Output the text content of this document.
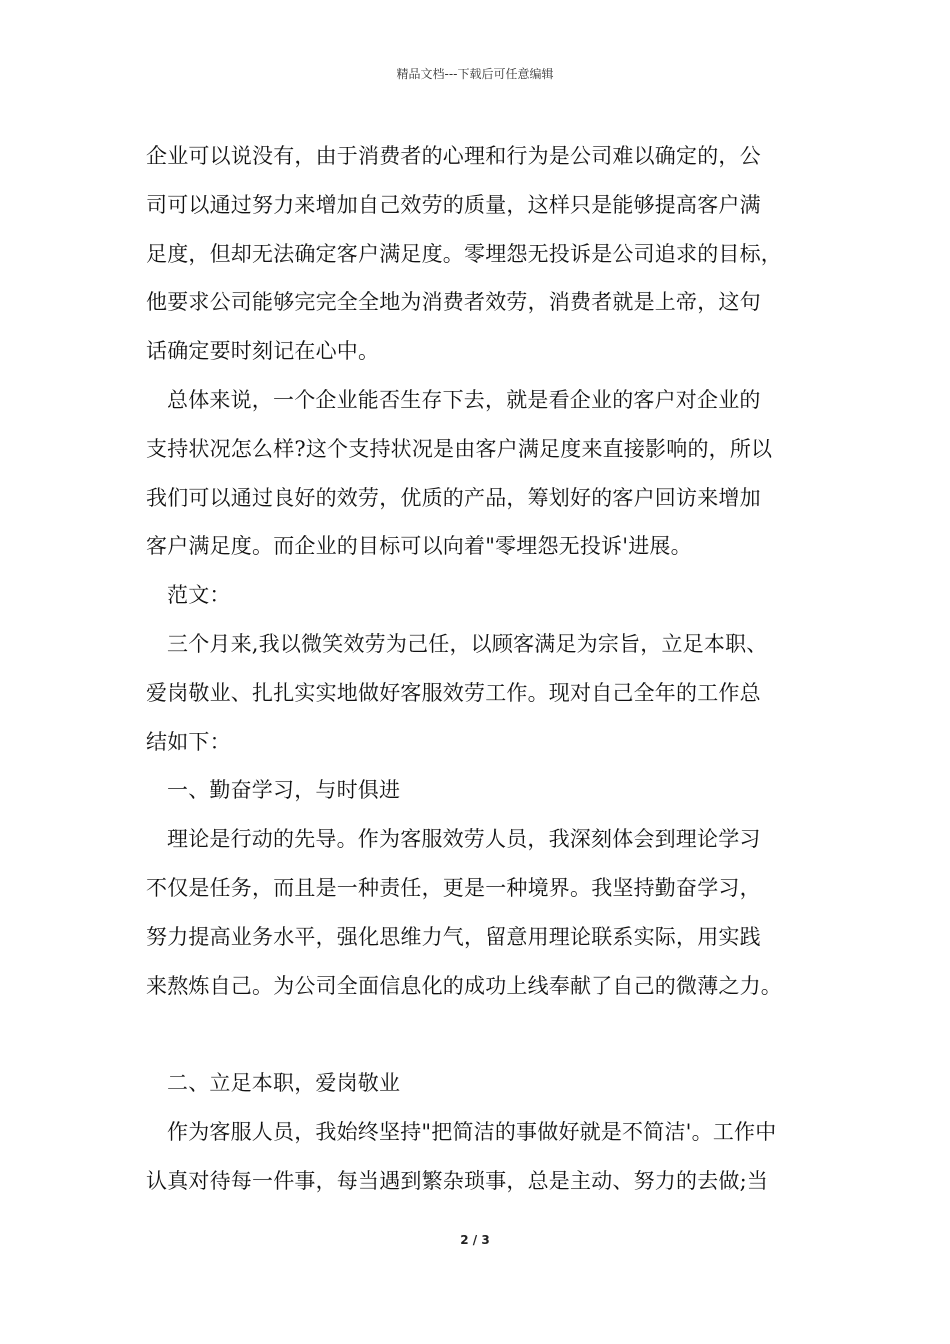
精品文档---下载后可任意编辑
企业可以说没有，由于消费者的心理和行为是公司难以确定的，公
司可以通过努力来增加自己效劳的质量，这样只是能够提高客户满
足度，但却无法确定客户满足度。零埋怨无投诉是公司追求的目标，
他要求公司能够完完全全地为消费者效劳，消费者就是上帝，这句
话确定要时刻记在心中。
总体来说，一个企业能否生存下去，就是看企业的客户对企业的
支持状况怎么样?这个支持状况是由客户满足度来直接影响的，所以
我们可以通过良好的效劳，优质的产品，筹划好的客户回访来增加
客户满足度。而企业的目标可以向着"零埋怨无投诉'进展。
范文：
三个月来,我以微笑效劳为己任，以顾客满足为宗旨，立足本职、
爱岗敬业、扎扎实实地做好客服效劳工作。现对自己全年的工作总
结如下：
一、勤奋学习，与时俱进
理论是行动的先导。作为客服效劳人员，我深刻体会到理论学习
不仅是任务，而且是一种责任，更是一种境界。我坚持勤奋学习，
努力提高业务水平，强化思维力气，留意用理论联系实际，用实践
来熬炼自己。为公司全面信息化的成功上线奉献了自己的微薄之力。
二、立足本职，爱岗敬业
作为客服人员，我始终坚持"把简洁的事做好就是不简洁'。工作中
认真对待每一件事，每当遇到繁杂琐事，总是主动、努力的去做;当
2 / 3
